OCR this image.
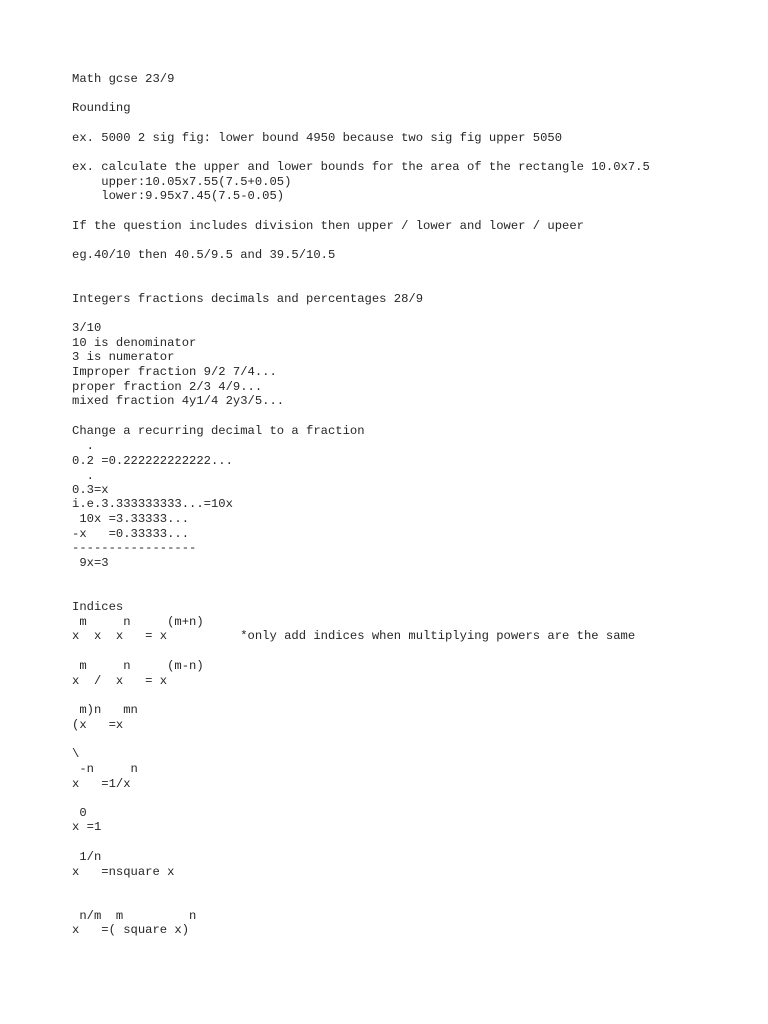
Math gcse 23/9

Rounding

ex. 5000 2 sig fig: lower bound 4950 because two sig fig upper 5050

ex. calculate the upper and lower bounds for the area of the rectangle 10.0x7.5

upper:10.05x7.55(7.5+0.05)

lower:9.95x7.45(7.5-0.05)

If the question includes division then upper / lower and lower / upeer

eg.40/10 then 40.5/9.5 and 39.5/10.5

Integers fractions decimals and percentages 28/9

3/10

10 is denominator

3 is numerator

Improper fraction 9/2 7/4...

proper fraction 2/3 4/9...

mixed fraction 4y1/4 2y3/5...

Change a recurring decimal to a fraction

.

0.2 =0.222222222222...

.

0.3=x

i.e.3.333333333...=10x

10x =3.33333...

-x   =0.33333...

-----------------

9x=3

Indices

m     n     (m+n)

x  x  x   = x          *only add indices when multiplying powers are the same

m     n     (m-n)

x  /  x   = x

m)n   mn

(x   =x

\

-n     n

x   =1/x

0

x =1

1/n

x   =nsquare x

n/m  m         n

x   =( square x)
